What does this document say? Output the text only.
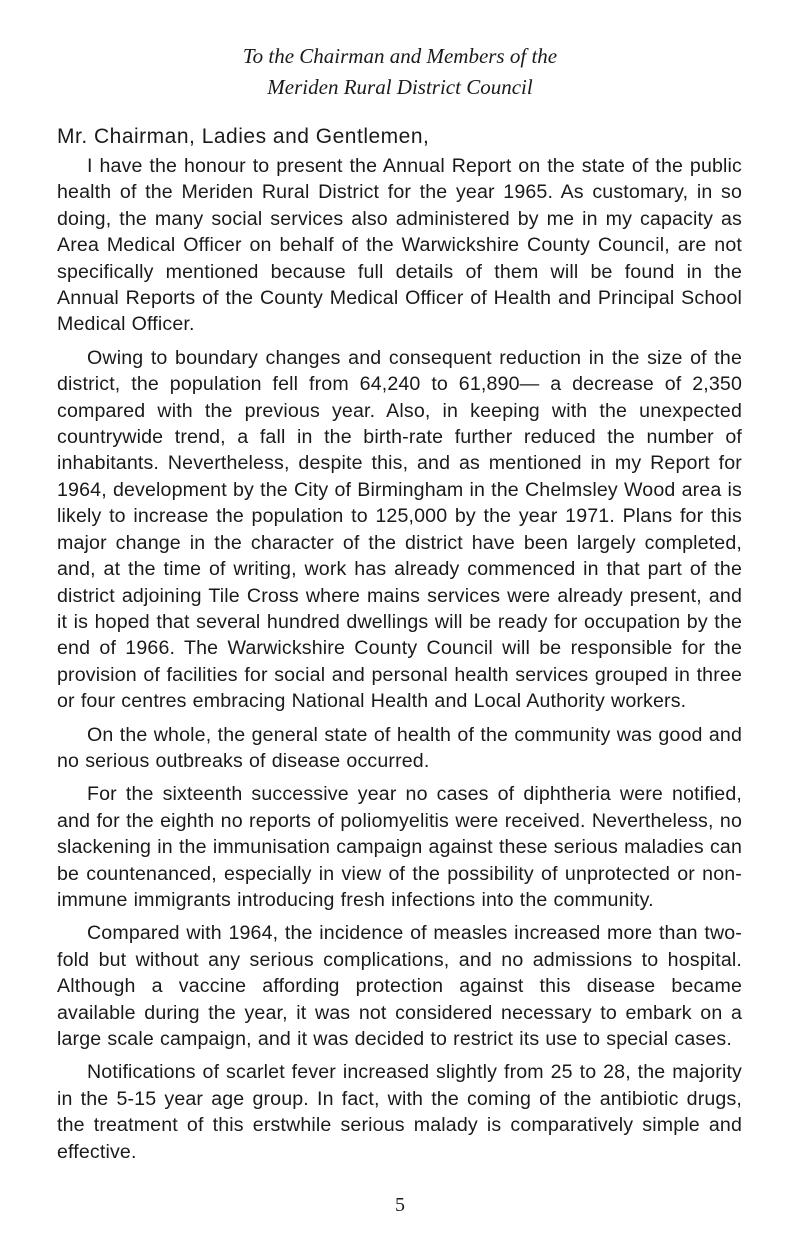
To the Chairman and Members of the
Meriden Rural District Council
Mr. Chairman, Ladies and Gentlemen,

I have the honour to present the Annual Report on the state of the public health of the Meriden Rural District for the year 1965. As customary, in so doing, the many social services also administered by me in my capacity as Area Medical Officer on behalf of the Warwickshire County Council, are not specifically mentioned because full details of them will be found in the Annual Reports of the County Medical Officer of Health and Principal School Medical Officer.

Owing to boundary changes and consequent reduction in the size of the district, the population fell from 64,240 to 61,890— a decrease of 2,350 compared with the previous year. Also, in keeping with the unexpected countrywide trend, a fall in the birth-rate further reduced the number of inhabitants. Nevertheless, despite this, and as mentioned in my Report for 1964, development by the City of Birmingham in the Chelmsley Wood area is likely to increase the population to 125,000 by the year 1971. Plans for this major change in the character of the district have been largely completed, and, at the time of writing, work has already commenced in that part of the district adjoining Tile Cross where mains services were already present, and it is hoped that several hundred dwellings will be ready for occupation by the end of 1966. The Warwickshire County Council will be responsible for the provision of facilities for social and personal health services grouped in three or four centres embracing National Health and Local Authority workers.

On the whole, the general state of health of the community was good and no serious outbreaks of disease occurred.

For the sixteenth successive year no cases of diphtheria were notified, and for the eighth no reports of poliomyelitis were received. Nevertheless, no slackening in the immunisation campaign against these serious maladies can be countenanced, especially in view of the possibility of unprotected or non-immune immigrants introducing fresh infections into the community.

Compared with 1964, the incidence of measles increased more than two-fold but without any serious complications, and no admissions to hospital. Although a vaccine affording protection against this disease became available during the year, it was not considered necessary to embark on a large scale campaign, and it was decided to restrict its use to special cases.

Notifications of scarlet fever increased slightly from 25 to 28, the majority in the 5-15 year age group. In fact, with the coming of the antibiotic drugs, the treatment of this erstwhile serious malady is comparatively simple and effective.

5
